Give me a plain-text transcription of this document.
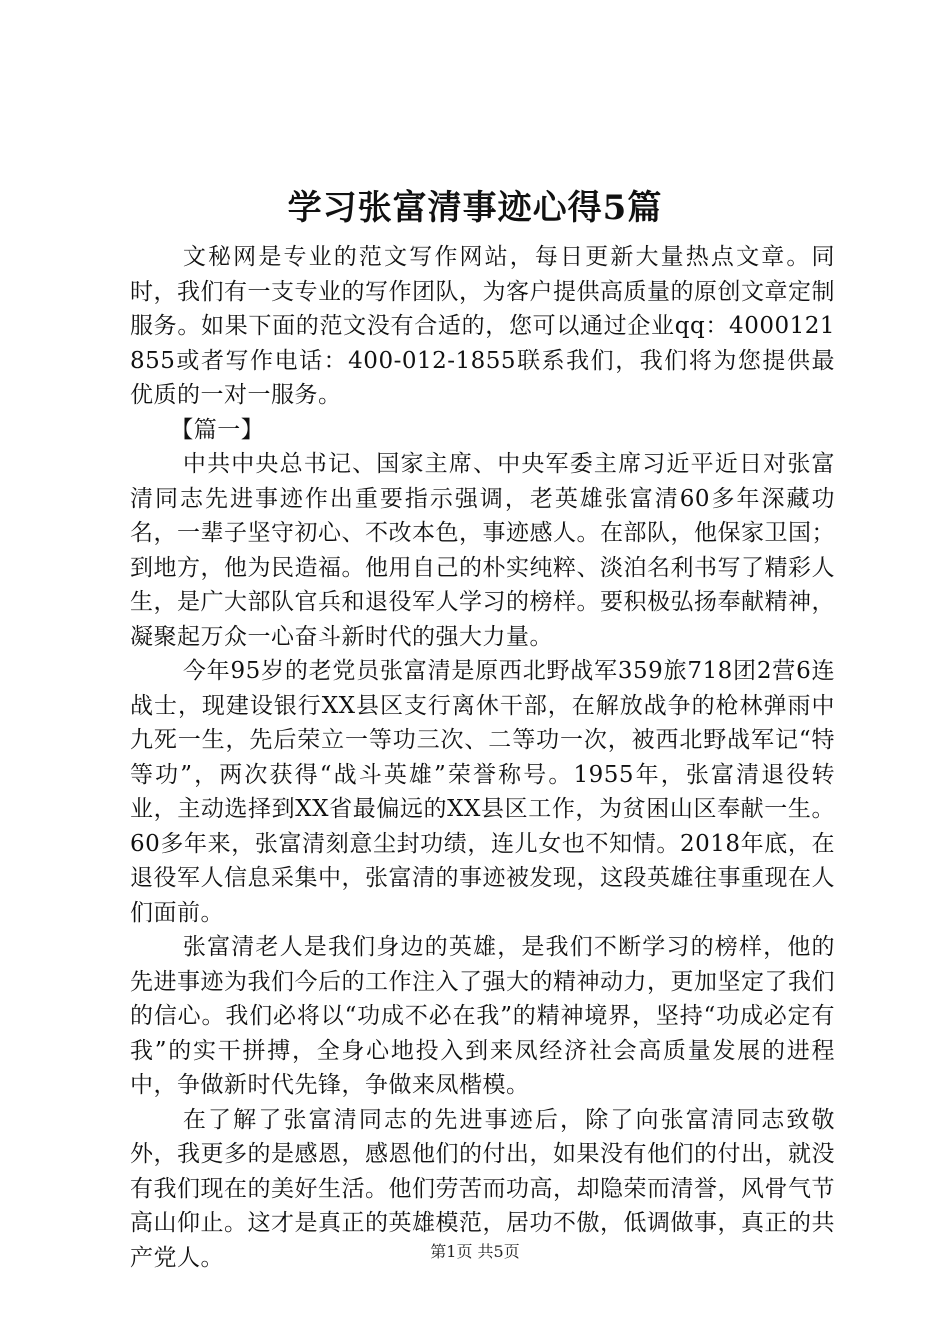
学习张富清事迹心得5篇

文秘网是专业的范文写作网站，每日更新大量热点文章。同时，我们有一支专业的写作团队，为客户提供高质量的原创文章定制服务。如果下面的范文没有合适的，您可以通过企业qq：4000121855或者写作电话：400-012-1855联系我们，我们将为您提供最优质的一对一服务。

【篇一】

中共中央总书记、国家主席、中央军委主席习近平近日对张富清同志先进事迹作出重要指示强调，老英雄张富清60多年深藏功名，一辈子坚守初心、不改本色，事迹感人。在部队，他保家卫国；到地方，他为民造福。他用自己的朴实纯粹、淡泊名利书写了精彩人生，是广大部队官兵和退役军人学习的榜样。要积极弘扬奉献精神，凝聚起万众一心奋斗新时代的强大力量。

今年95岁的老党员张富清是原西北野战军359旅718团2营6连战士，现建设银行XX县区支行离休干部，在解放战争的枪林弹雨中九死一生，先后荣立一等功三次、二等功一次，被西北野战军记“特等功”，两次获得“战斗英雄”荣誉称号。1955年，张富清退役转业，主动选择到XX省最偏远的XX县区工作，为贫困山区奉献一生。60多年来，张富清刻意尘封功绩，连儿女也不知情。2018年底，在退役军人信息采集中，张富清的事迹被发现，这段英雄往事重现在人们面前。

张富清老人是我们身边的英雄，是我们不断学习的榜样，他的先进事迹为我们今后的工作注入了强大的精神动力，更加坚定了我们的信心。我们必将以“功成不必在我”的精神境界，坚持“功成必定有我”的实干拼搏，全身心地投入到来凤经济社会高质量发展的进程中，争做新时代先锋，争做来凤楷模。

在了解了张富清同志的先进事迹后，除了向张富清同志致敬外，我更多的是感恩，感恩他们的付出，如果没有他们的付出，就没有我们现在的美好生活。他们劳苦而功高，却隐荣而清誉，风骨气节高山仰止。这才是真正的英雄模范，居功不傲，低调做事，真正的共产党人。	第1页 共5页
